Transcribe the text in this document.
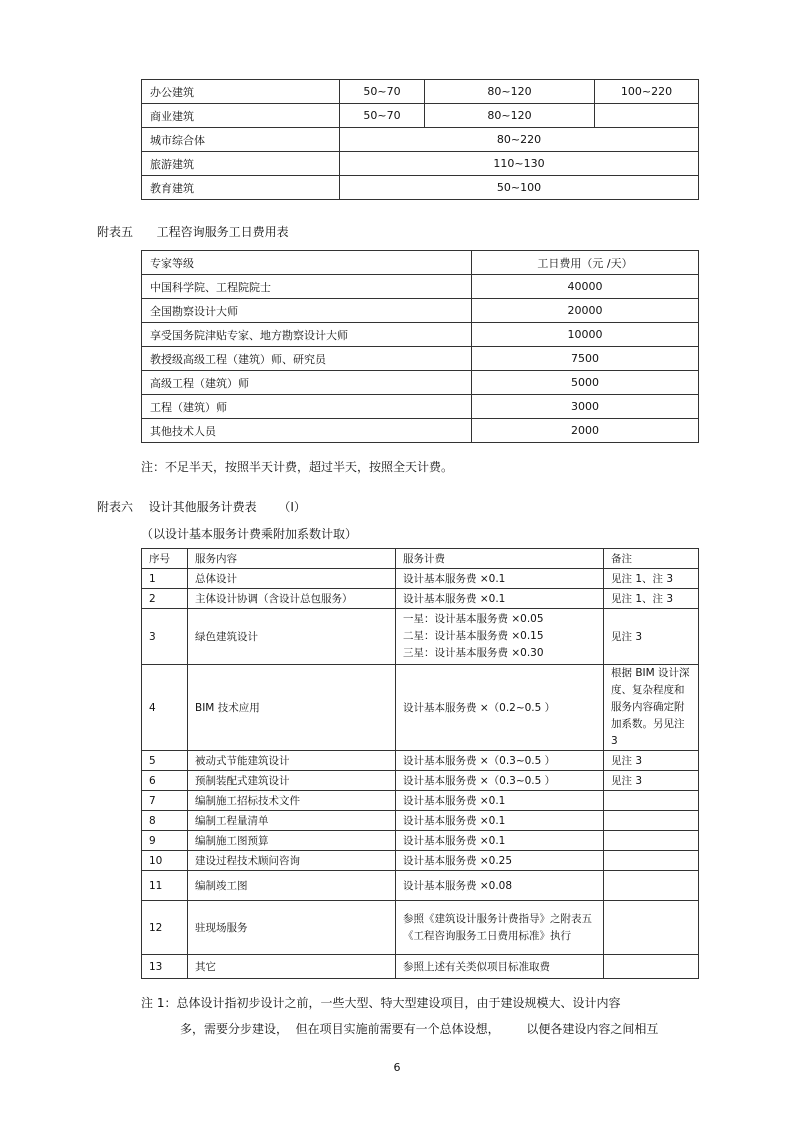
办公建筑	50~70	80~120	100~220
商业建筑	50~70	80~120	
城市综合体	80~220		
旅游建筑	110~130		
教育建筑	50~100		
附表五 工程咨询服务工日费用表
专家等级	工日费用（元 /天）
中国科学院、工程院院士	40000
全国勘察设计大师	20000
享受国务院津贴专家、地方勘察设计大师	10000
教授级高级工程（建筑）师、研究员	7500
高级工程（建筑）师	5000
工程（建筑）师	3000
其他技术人员	2000
注：不足半天，按照半天计费，超过半天，按照全天计费。
附表六 设计其他服务计费表 （Ⅰ）
（以设计基本服务计费乘附加系数计取）
序号	服务内容	服务计费	备注
1	总体设计	设计基本服务费 ×0.1	见注 1、注 3
2	主体设计协调（含设计总包服务）	设计基本服务费 ×0.1	见注 1、注 3
3	绿色建筑设计	一星：设计基本服务费 ×0.05
二星：设计基本服务费 ×0.15
三星：设计基本服务费 ×0.30	见注 3
4	BIM 技术应用	设计基本服务费 ×（0.2~0.5 ）	根据 BIM 设计深度、复杂程度和服务内容确定附加系数。另见注 3
5	被动式节能建筑设计	设计基本服务费 ×（0.3~0.5 ）	见注 3
6	预制装配式建筑设计	设计基本服务费 ×（0.3~0.5 ）	见注 3
7	编制施工招标技术文件	设计基本服务费 ×0.1	
8	编制工程量清单	设计基本服务费 ×0.1	
9	编制施工图预算	设计基本服务费 ×0.1	
10	建设过程技术顾问咨询	设计基本服务费 ×0.25	
11	编制竣工图	设计基本服务费 ×0.08	
12	驻现场服务	参照《建筑设计服务计费指导》之附表五《工程咨询服务工日费用标准》执行	
13	其它	参照上述有关类似项目标准取费	
注 1：总体设计指初步设计之前，一些大型、特大型建设项目，由于建设规模大、设计内容
多，需要分步建设，  但在项目实施前需要有一个总体设想，       以便各建设内容之间相互
6
